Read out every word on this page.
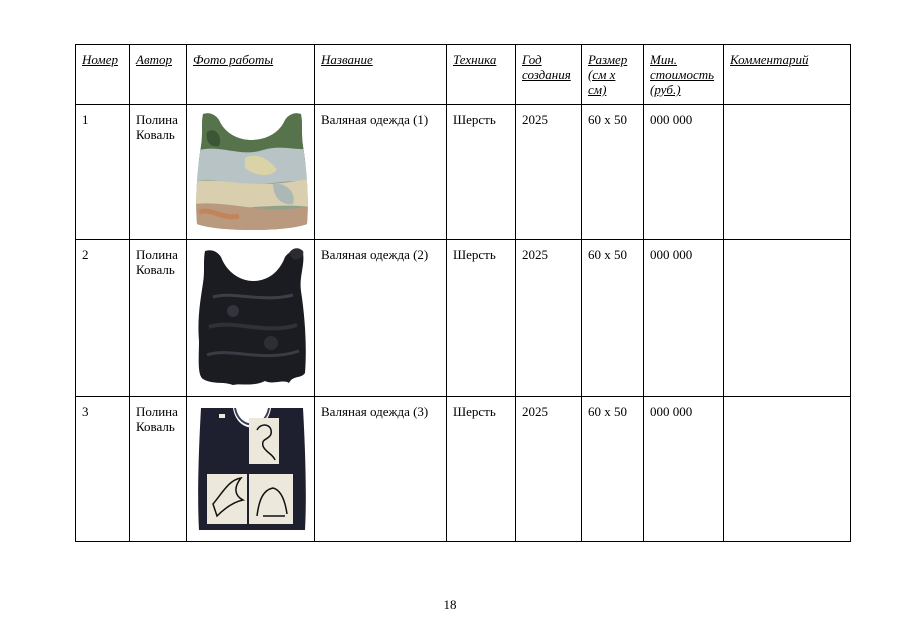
Номер	Автор	Фото работы	Название	Техника	Год создания	Размер (см х см)	Мин. стоимость (руб.)	Комментарий
1	Полина Коваль		Валяная одежда (1)	Шерсть	2025	60 х 50	000 000	
2	Полина Коваль		Валяная одежда (2)	Шерсть	2025	60 х 50	000 000	
3	Полина Коваль		Валяная одежда (3)	Шерсть	2025	60 х 50	000 000	
18
